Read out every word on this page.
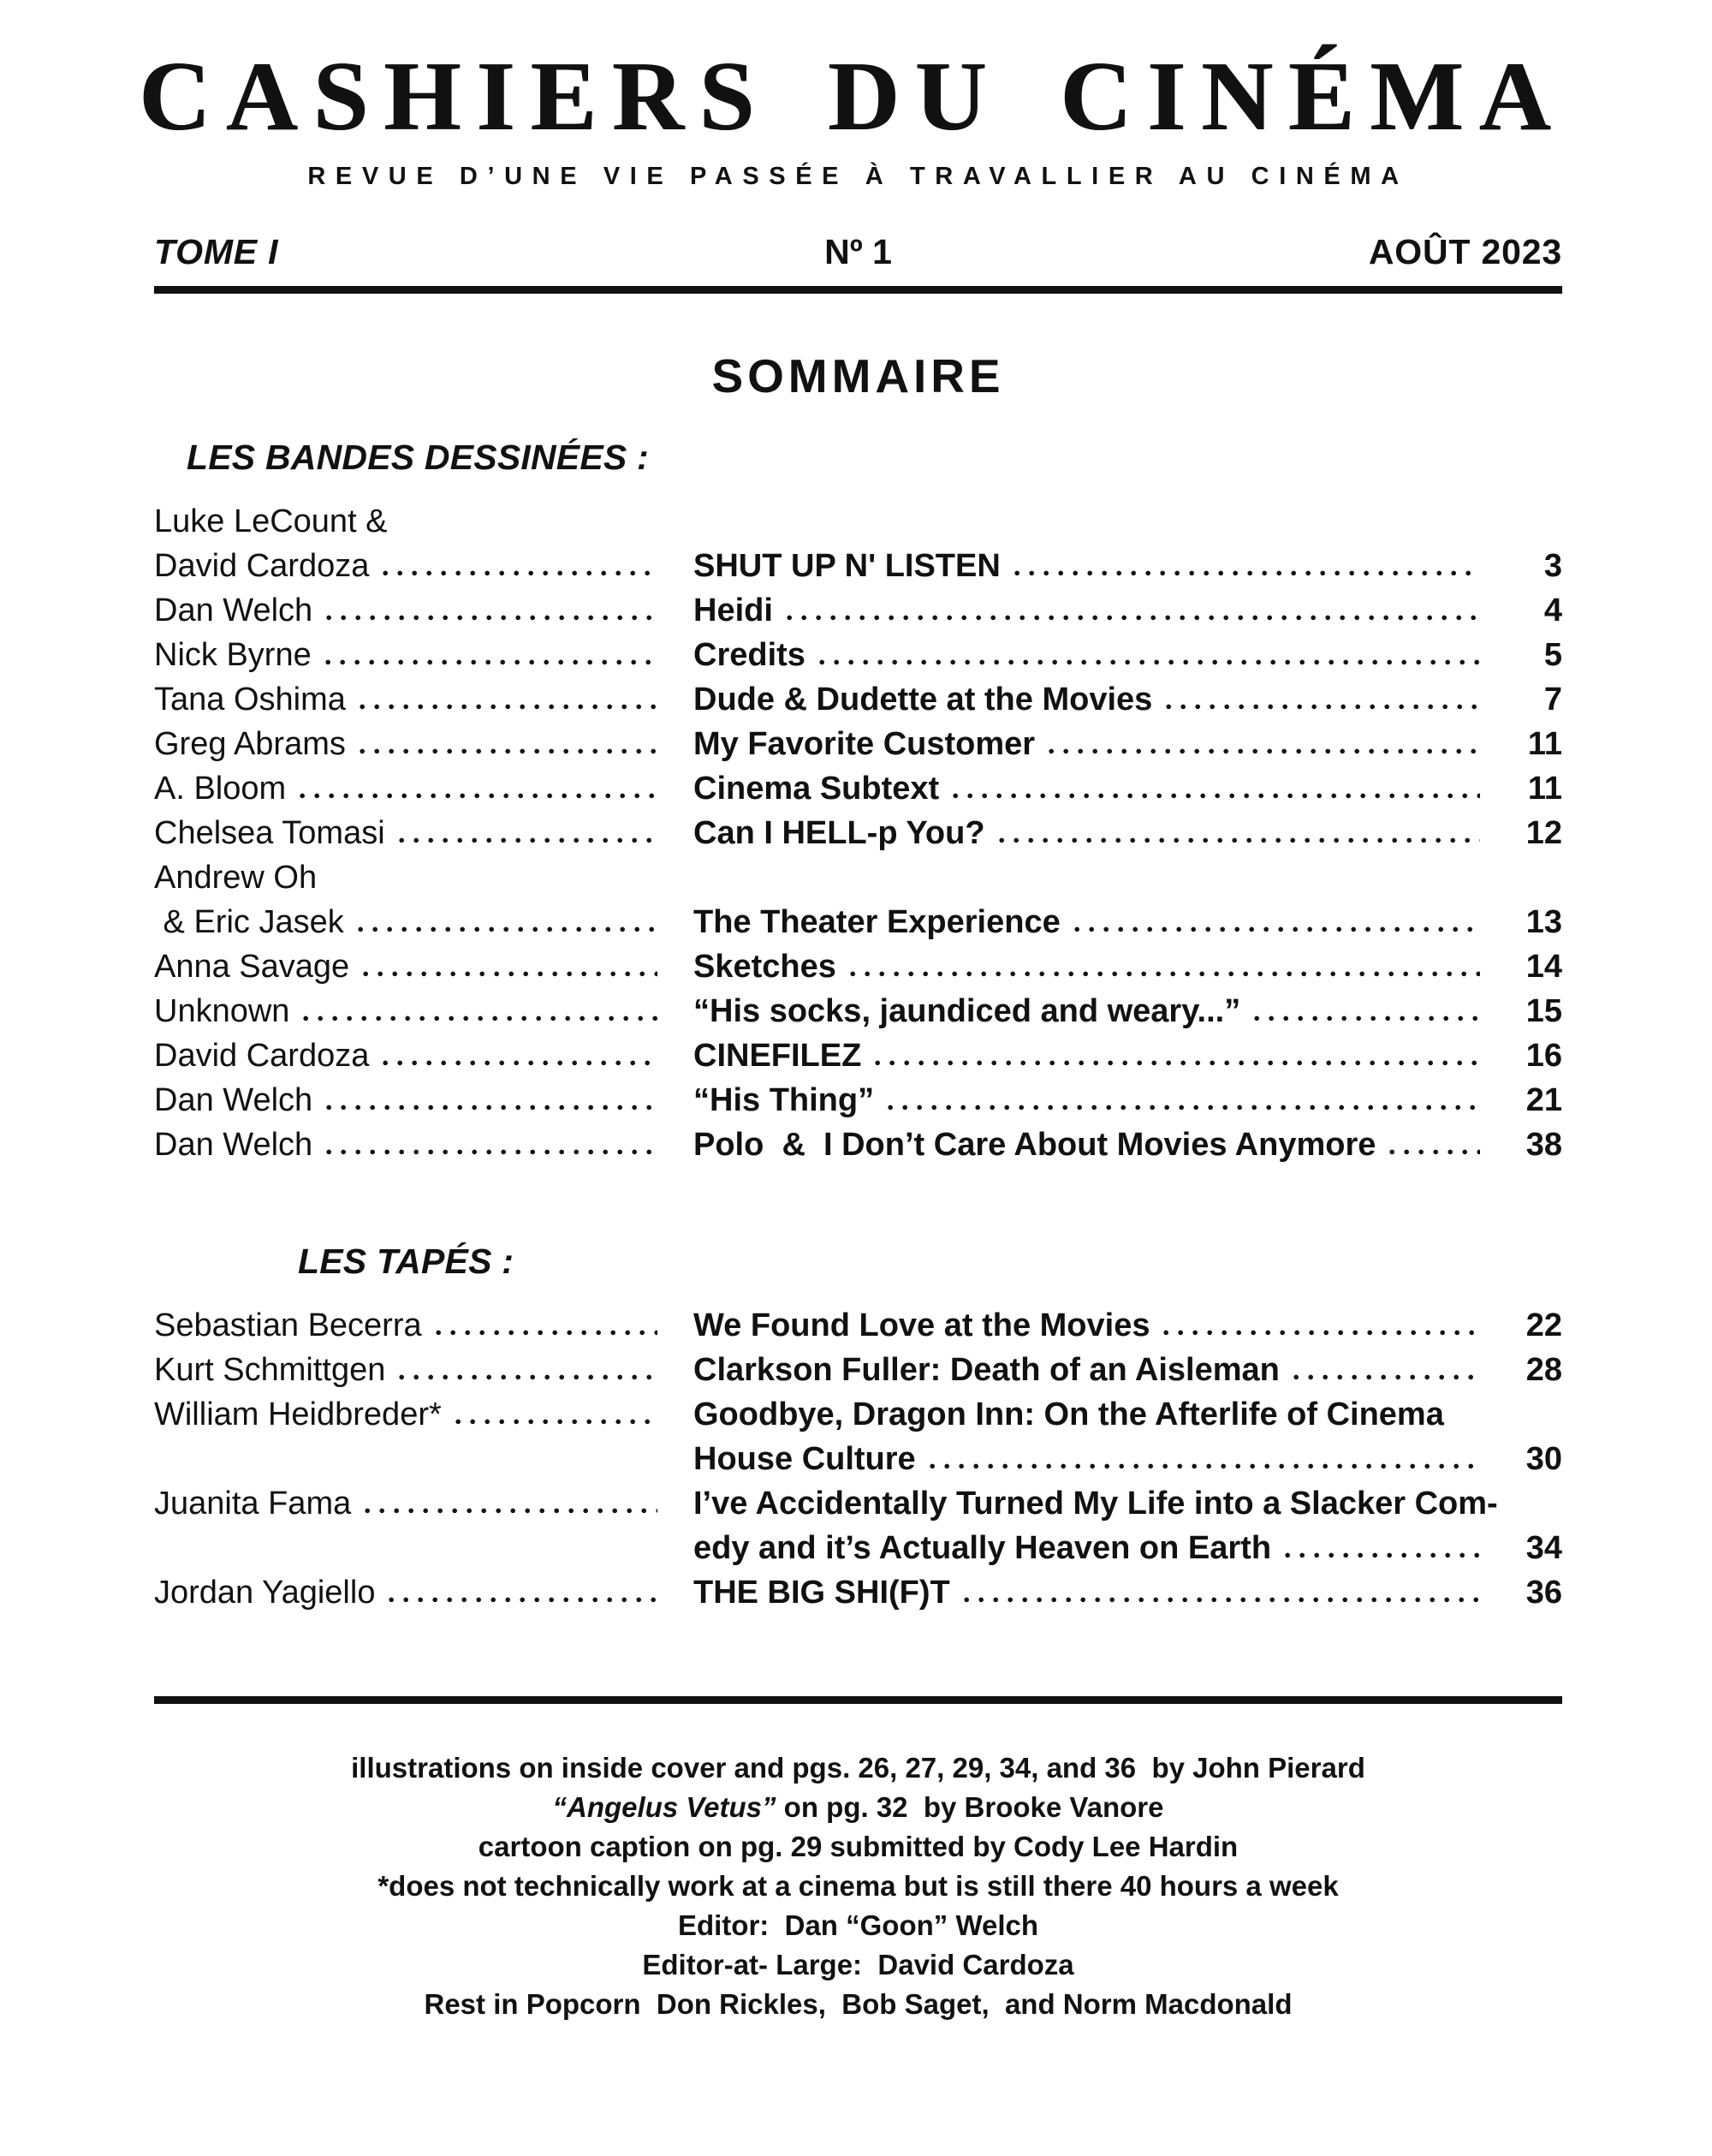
CASHIERS DU CINÉMA
REVUE D’UNE VIE PASSÉE À TRAVALLIER AU CINÉMA
TOME I	Nº 1	AOÛT 2023
SOMMAIRE
LES BANDES DESSINÉES :
Luke LeCount &
David Cardoza	SHUT UP N' LISTEN	3
Dan Welch	Heidi	4
Nick Byrne	Credits	5
Tana Oshima	Dude & Dudette at the Movies	7
Greg Abrams	My Favorite Customer	11
A. Bloom	Cinema Subtext	11
Chelsea Tomasi	Can I HELL-p You?	12
Andrew Oh
& Eric Jasek	The Theater Experience	13
Anna Savage	Sketches	14
Unknown	“His socks, jaundiced and weary...”	15
David Cardoza	CINEFILEZ	16
Dan Welch	“His Thing”	21
Dan Welch	Polo  &  I Don’t Care About Movies Anymore	38
LES TAPÉS :
Sebastian Becerra	We Found Love at the Movies	22
Kurt Schmittgen	Clarkson Fuller: Death of an Aisleman	28
William Heidbreder*	Goodbye, Dragon Inn: On the Afterlife of Cinema
House Culture	30
Juanita Fama	I’ve Accidentally Turned My Life into a Slacker Com-
edy and it’s Actually Heaven on Earth	34
Jordan Yagiello	THE BIG SHI(F)T	36
illustrations on inside cover and pgs. 26, 27, 29, 34, and 36  by John Pierard
“Angelus Vetus” on pg. 32  by Brooke Vanore
cartoon caption on pg. 29 submitted by Cody Lee Hardin
*does not technically work at a cinema but is still there 40 hours a week
Editor:  Dan “Goon” Welch
Editor-at- Large:  David Cardoza
Rest in Popcorn  Don Rickles,  Bob Saget,  and Norm Macdonald
